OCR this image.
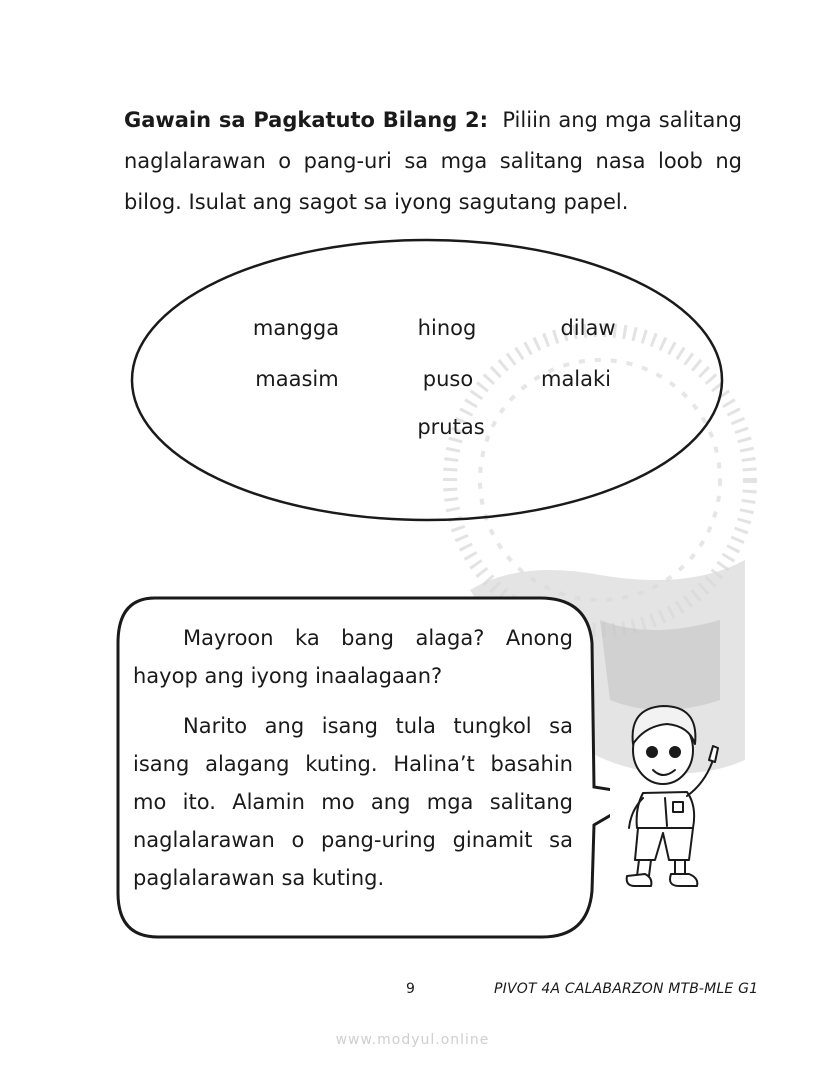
Gawain sa Pagkatuto Bilang 2: Piliin ang mga salitang naglalarawan o pang-uri sa mga salitang nasa loob ng bilog. Isulat ang sagot sa iyong sagutang papel.

mangga	hinog	dilaw
maasim	puso	malaki
prutas

Mayroon ka bang alaga? Anong hayop ang iyong inaalagaan?

Narito ang isang tula tungkol sa isang alagang kuting. Halina’t basahin mo ito. Alamin mo ang mga salitang naglalarawan o pang-uring ginamit sa paglalarawan sa kuting.

9	PIVOT 4A CALABARZON MTB-MLE G1
www.modyul.online
